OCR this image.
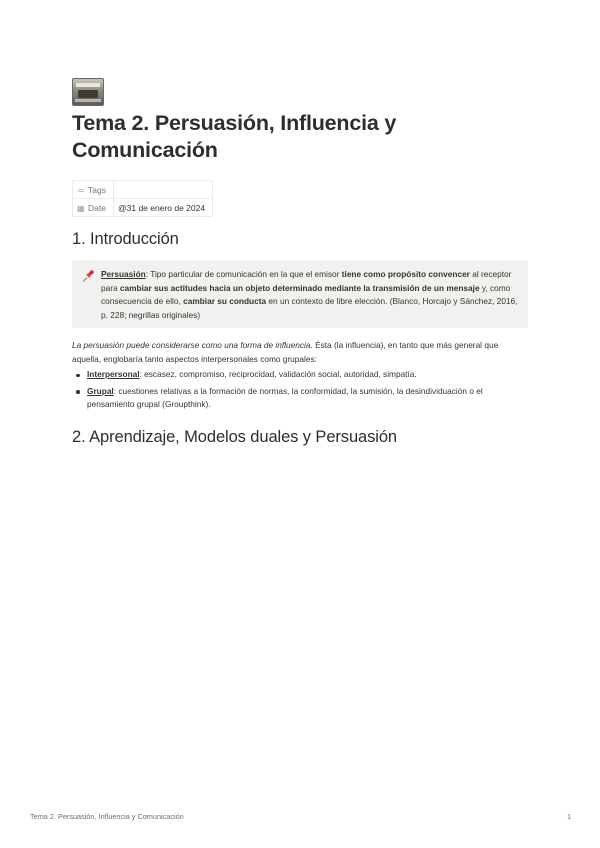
Tema 2. Persuasión, Influencia y Comunicación
≔ Tags	
▦ Date	@31 de enero de 2024
1. Introducción
Persuasión: Tipo particular de comunicación en la que el emisor tiene como propósito convencer al receptor para cambiar sus actitudes hacia un objeto determinado mediante la transmisión de un mensaje y, como consecuencia de ello, cambiar su conducta en un contexto de libre elección. (Blanco, Horcajo y Sánchez, 2016, p. 228; negrillas originales)
La persuasión puede considerarse como una forma de influencia. Ésta (la influencia), en tanto que más general que aquella, englobaría tanto aspectos interpersonales como grupales:
Interpersonal: escasez, compromiso, reciprocidad, validación social, autoridad, simpatía.
Grupal: cuestiones relativas a la formación de normas, la conformidad, la sumisión, la desindividuación o el pensamiento grupal (Groupthink).
2. Aprendizaje, Modelos duales y Persuasión
Tema 2. Persuasión, Influencia y Comunicación	1
